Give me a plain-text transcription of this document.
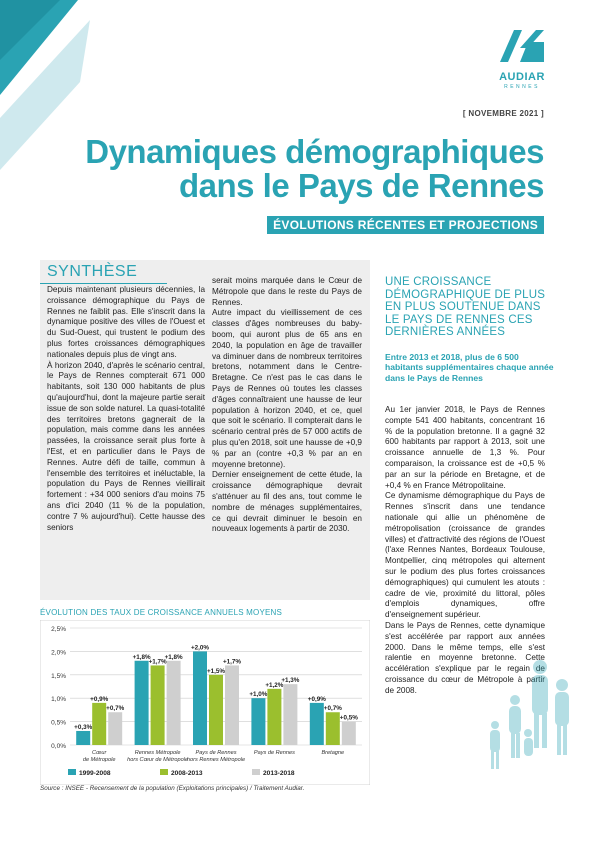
AUDIAR
RENNES
[ NOVEMBRE 2021 ]
Dynamiques démographiques
dans le Pays de Rennes
ÉVOLUTIONS RÉCENTES ET PROJECTIONS
SYNTHÈSE

Depuis maintenant plusieurs décennies, la croissance démographique du Pays de Rennes ne faiblit pas. Elle s'inscrit dans la dynamique positive des villes de l'Ouest et du Sud-Ouest, qui trustent le podium des plus fortes croissances démographiques nationales depuis plus de vingt ans.

À horizon 2040, d'après le scénario central, le Pays de Rennes compterait 671 000 habitants, soit 130 000 habitants de plus qu'aujourd'hui, dont la majeure partie serait issue de son solde naturel. La quasi-totalité des territoires bretons gagnerait de la population, mais comme dans les années passées, la croissance serait plus forte à l'Est, et en particulier dans le Pays de Rennes. Autre défi de taille, commun à l'ensemble des territoires et inéluctable, la population du Pays de Rennes vieillirait fortement : +34 000 seniors d'au moins 75 ans d'ici 2040 (11 % de la population, contre 7 % aujourd'hui). Cette hausse des seniors

serait moins marquée dans le Cœur de Métropole que dans le reste du Pays de Rennes.

Autre impact du vieillissement de ces classes d'âges nombreuses du baby-boom, qui auront plus de 65 ans en 2040, la population en âge de travailler va diminuer dans de nombreux territoires bretons, notamment dans le Centre-Bretagne. Ce n'est pas le cas dans le Pays de Rennes où toutes les classes d'âges connaîtraient une hausse de leur population à horizon 2040, et ce, quel que soit le scénario. Il compterait dans le scénario central près de 57 000 actifs de plus qu'en 2018, soit une hausse de +0,9 % par an (contre +0,3 % par an en moyenne bretonne).

Dernier enseignement de cette étude, la croissance démographique devrait s'atténuer au fil des ans, tout comme le nombre de ménages supplémentaires, ce qui devrait diminuer le besoin en nouveaux logements à partir de 2030.

UNE CROISSANCE DÉMOGRAPHIQUE DE PLUS EN PLUS SOUTENUE DANS LE PAYS DE RENNES CES DERNIÈRES ANNÉES
Entre 2013 et 2018, plus de 6 500 habitants supplémentaires chaque année dans le Pays de Rennes

Au 1er janvier 2018, le Pays de Rennes compte 541 400 habitants, concentrant 16 % de la population bretonne. Il a gagné 32 600 habitants par rapport à 2013, soit une croissance annuelle de 1,3 %. Pour comparaison, la croissance est de +0,5 % par an sur la période en Bretagne, et de +0,4 % en France Métropolitaine.

Ce dynamisme démographique du Pays de Rennes s'inscrit dans une tendance nationale qui allie un phénomène de métropolisation (croissance de grandes villes) et d'attractivité des régions de l'Ouest (l'axe Rennes Nantes, Bordeaux Toulouse, Montpellier, cinq métropoles qui alternent sur le podium des plus fortes croissances démographiques) qui cumulent les atouts : cadre de vie, proximité du littoral, pôles d'emplois dynamiques, offre d'enseignement supérieur.

Dans le Pays de Rennes, cette dynamique s'est accélérée par rapport aux années 2000. Dans le même temps, elle s'est ralentie en moyenne bretonne. Cette accélération s'explique par le regain de croissance du cœur de Métropole à partir de 2008.

ÉVOLUTION DES TAUX DE CROISSANCE ANNUELS MOYENS
0,0%
0,5%
1,0%
1,5%
2,0%
2,5%
+0,3%
+1,8%
+2,0%
+1,0%
+0,9%
+0,9%
+1,7%
+1,5%
+1,2%
+0,7%
+0,7%
+1,8%
+1,7%
+1,3%
+0,5%
Cœur
de Métropole
Rennes Métropole
hors Cœur de Métropole
Pays de Rennes
hors Rennes Métropole
Pays de Rennes	Bretagne
1999-2008	2008-2013	2013-2018
Source : INSEE - Recensement de la population (Exploitations principales) / Traitement Audiar.
